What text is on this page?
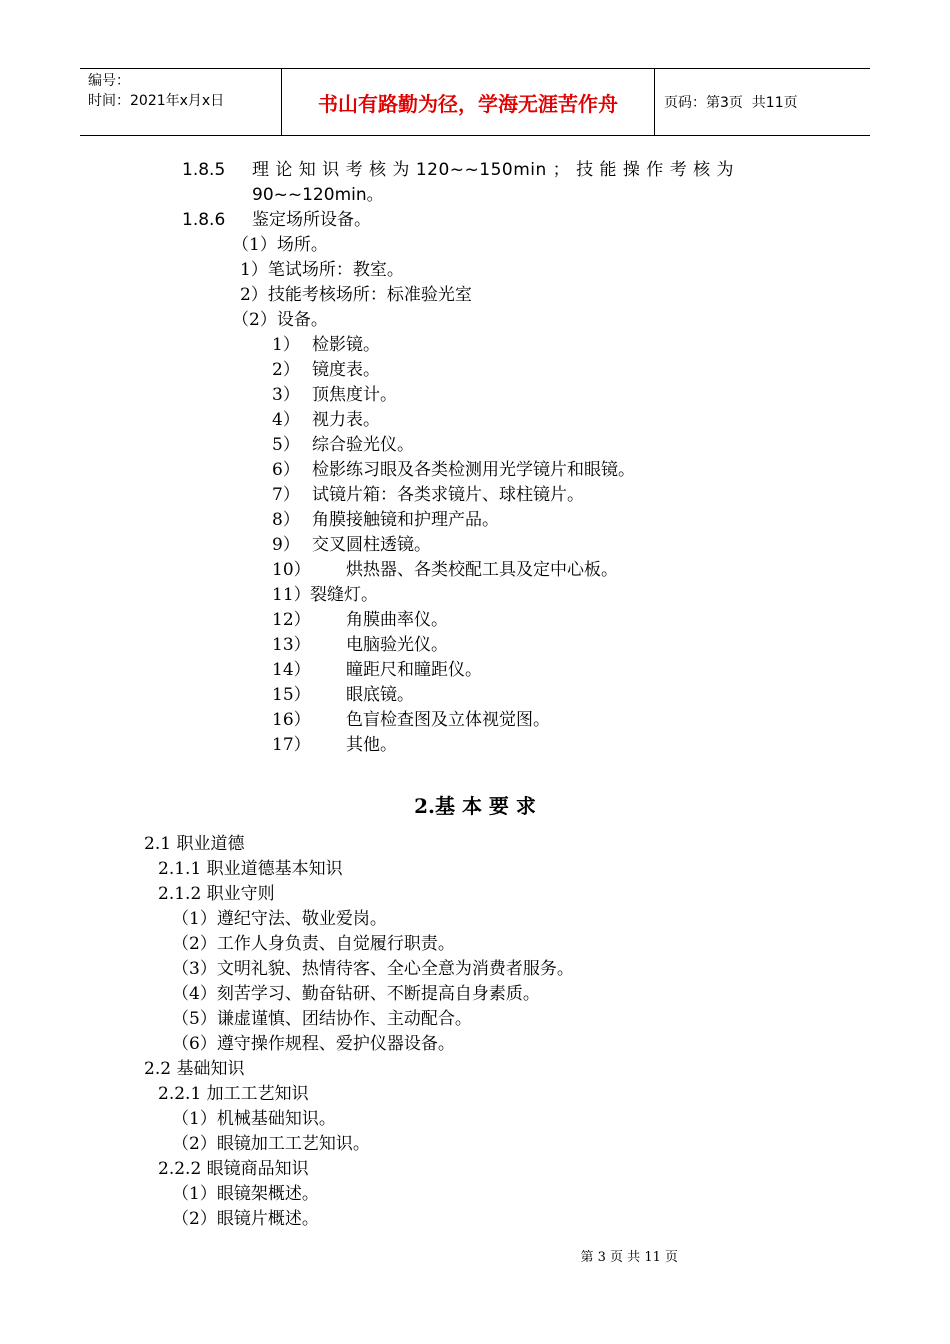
编号：
时间：2021年x月x日	书山有路勤为径，学海无涯苦作舟	页码：第3页  共11页
1.8.5 理 论 知 识 考 核 为 120~~150min ； 技 能 操 作 考 核 为
90~~120min。
1.8.6 鉴定场所设备。
（1）场所。
1）笔试场所：教室。
2）技能考核场所：标准验光室
（2）设备。
1） 检影镜。
2） 镜度表。
3） 顶焦度计。
4） 视力表。
5） 综合验光仪。
6） 检影练习眼及各类检测用光学镜片和眼镜。
7） 试镜片箱：各类求镜片、球柱镜片。
8） 角膜接触镜和护理产品。
9） 交叉圆柱透镜。
10） 烘热器、各类校配工具及定中心板。
11） 裂缝灯。
12） 角膜曲率仪。
13） 电脑验光仪。
14） 瞳距尺和瞳距仪。
15） 眼底镜。
16） 色盲检查图及立体视觉图。
17） 其他。
2.基 本 要 求
2.1 职业道德
2.1.1 职业道德基本知识
2.1.2 职业守则
（1）遵纪守法、敬业爱岗。
（2）工作人身负责、自觉履行职责。
（3）文明礼貌、热情待客、全心全意为消费者服务。
（4）刻苦学习、勤奋钻研、不断提高自身素质。
（5）谦虚谨慎、团结协作、主动配合。
（6）遵守操作规程、爱护仪器设备。
2.2 基础知识
2.2.1 加工工艺知识
（1）机械基础知识。
（2）眼镜加工工艺知识。
2.2.2 眼镜商品知识
（1）眼镜架概述。
（2）眼镜片概述。
第 3 页 共 11 页
